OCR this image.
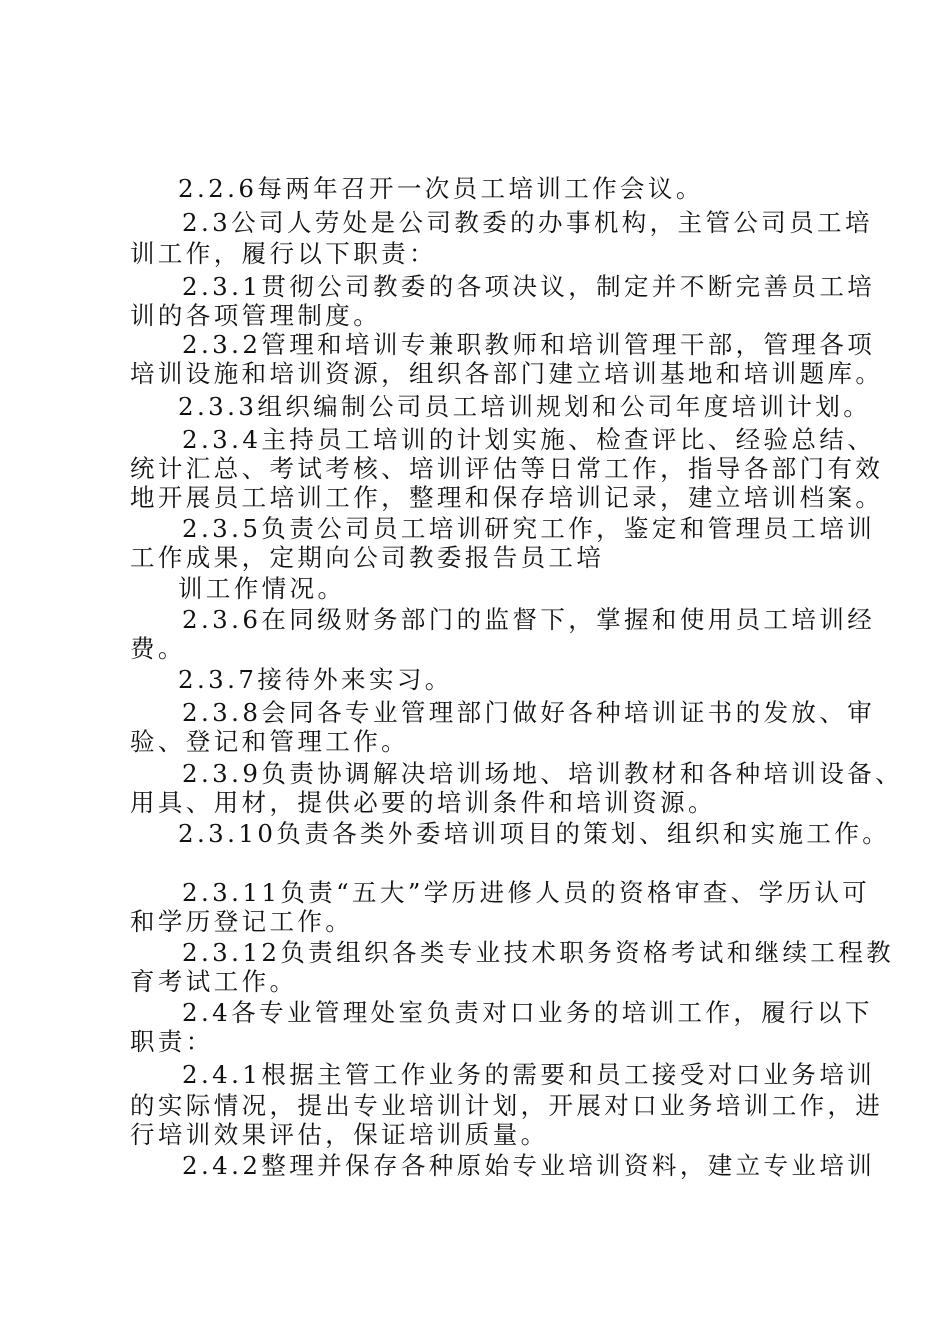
2.2.6每两年召开一次员工培训工作会议。
2.3公司人劳处是公司教委的办事机构，主管公司员工培
训工作，履行以下职责：
2.3.1贯彻公司教委的各项决议，制定并不断完善员工培
训的各项管理制度。
2.3.2管理和培训专兼职教师和培训管理干部，管理各项
培训设施和培训资源，组织各部门建立培训基地和培训题库。
2.3.3组织编制公司员工培训规划和公司年度培训计划。
2.3.4主持员工培训的计划实施、检查评比、经验总结、
统计汇总、考试考核、培训评估等日常工作，指导各部门有效
地开展员工培训工作，整理和保存培训记录，建立培训档案。
2.3.5负责公司员工培训研究工作，鉴定和管理员工培训
工作成果，定期向公司教委报告员工培
训工作情况。
2.3.6在同级财务部门的监督下，掌握和使用员工培训经
费。
2.3.7接待外来实习。
2.3.8会同各专业管理部门做好各种培训证书的发放、审
验、登记和管理工作。
2.3.9负责协调解决培训场地、培训教材和各种培训设备、
用具、用材，提供必要的培训条件和培训资源。
2.3.10负责各类外委培训项目的策划、组织和实施工作。
2.3.11负责“五大”学历进修人员的资格审查、学历认可
和学历登记工作。
2.3.12负责组织各类专业技术职务资格考试和继续工程教
育考试工作。
2.4各专业管理处室负责对口业务的培训工作，履行以下
职责：
2.4.1根据主管工作业务的需要和员工接受对口业务培训
的实际情况，提出专业培训计划，开展对口业务培训工作，进
行培训效果评估，保证培训质量。
2.4.2整理并保存各种原始专业培训资料，建立专业培训
